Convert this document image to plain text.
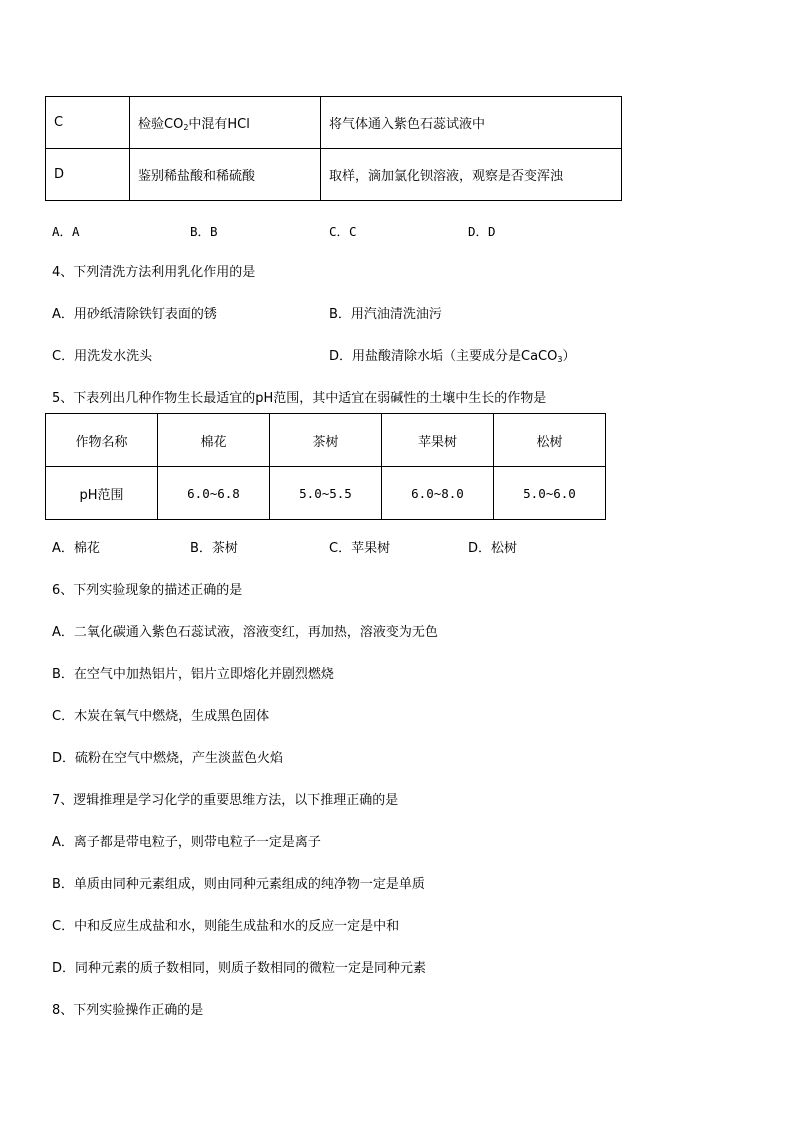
C	检验$CO_2$中混有HCl	将气体通入紫色石蕊试液中
D	鉴别稀盐酸和稀硫酸	取样，滴加氯化钡溶液，观察是否变浑浊
A．A	B．B	C．C	D．D
4、下列清洗方法利用乳化作用的是
A．用砂纸清除铁钉表面的锈	B．用汽油清洗油污
C．用洗发水洗头	D．用盐酸清除水垢（主要成分是CaCO$_3$）
5、下表列出几种作物生长最适宜的pH范围，其中适宜在弱碱性的土壤中生长的作物是
作物名称	棉花	茶树	苹果树	松树
pH范围	6.0~6.8	5.0~5.5	6.0~8.0	5.0~6.0
A．棉花	B．茶树	C．苹果树	D．松树
6、下列实验现象的描述正确的是
A．二氧化碳通入紫色石蕊试液，溶液变红，再加热，溶液变为无色
B．在空气中加热铝片，铝片立即熔化并剧烈燃烧
C．木炭在氧气中燃烧，生成黑色固体
D．硫粉在空气中燃烧，产生淡蓝色火焰
7、逻辑推理是学习化学的重要思维方法，以下推理正确的是
A．离子都是带电粒子，则带电粒子一定是离子
B．单质由同种元素组成，则由同种元素组成的纯净物一定是单质
C．中和反应生成盐和水，则能生成盐和水的反应一定是中和
D．同种元素的质子数相同，则质子数相同的微粒一定是同种元素
8、下列实验操作正确的是
